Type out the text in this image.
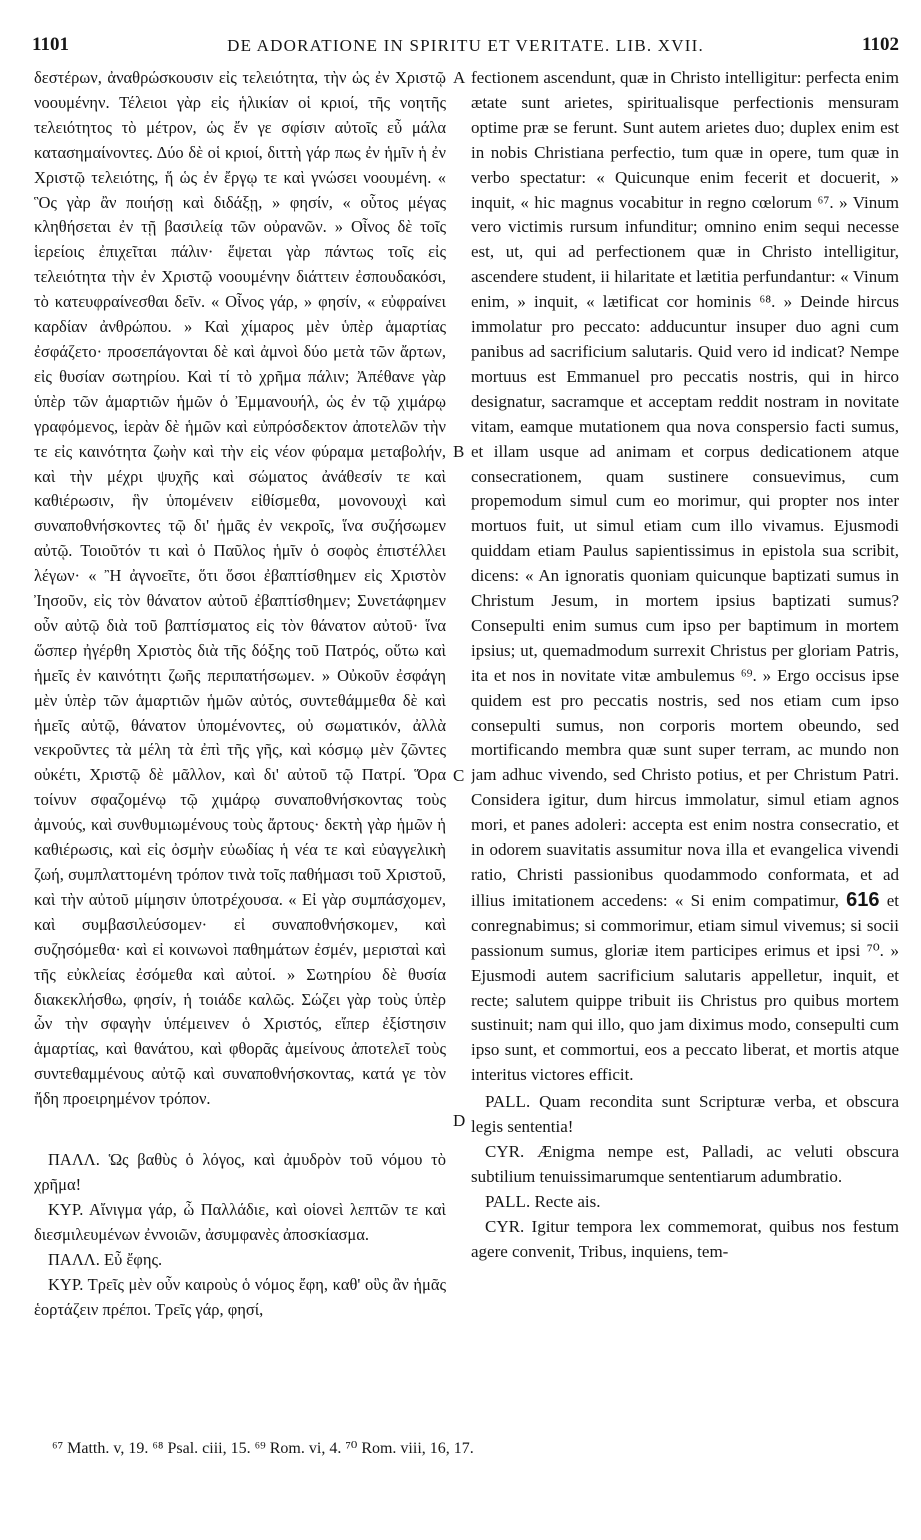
1101	DE ADORATIONE IN SPIRITU ET VERITATE. LIB. XVII.	1102

δεστέρων, ἀναθρώσκουσιν εἰς τελειότητα, τὴν ὡς ἐν Χριστῷ νοουμένην. Τέλειοι γὰρ εἰς ἡλικίαν οἱ κριοί, τῆς νοητῆς τελειότητος τὸ μέτρον, ὡς ἔν γε σφίσιν αὐτοῖς εὖ μάλα κατασημαίνοντες. Δύο δὲ οἱ κριοί, διττὴ γάρ πως ἐν ἡμῖν ἡ ἐν Χριστῷ τελειότης, ἥ ὡς ἐν ἔργῳ τε καὶ γνώσει νοουμένη. « Ὃς γὰρ ἂν ποιήσῃ καὶ διδάξῃ, » φησίν, « οὗτος μέγας κληθήσεται ἐν τῇ βασιλείᾳ τῶν οὐρανῶν. » Οἶνος δὲ τοῖς ἱερείοις ἐπιχεῖται πάλιν· ἕψεται γὰρ πάντως τοῖς εἰς τελειότητα τὴν ἐν Χριστῷ νοουμένην διάττειν ἐσπουδακόσι, τὸ κατευφραίνεσθαι δεῖν. « Οἶνος γάρ, » φησίν, « εὐφραίνει καρδίαν ἀνθρώπου. » Καὶ χίμαρος μὲν ὑπὲρ ἁμαρτίας ἐσφάζετο· προσεπάγονται δὲ καὶ ἀμνοὶ δύο μετὰ τῶν ἄρτων, εἰς θυσίαν σωτηρίου. Καὶ τί τὸ χρῆμα πάλιν; Ἀπέθανε γὰρ ὑπὲρ τῶν ἁμαρτιῶν ἡμῶν ὁ Ἐμμανουήλ, ὡς ἐν τῷ χιμάρῳ γραφόμενος, ἱερὰν δὲ ἡμῶν καὶ εὐπρόσδεκτον ἀποτελῶν τὴν τε εἰς καινότητα ζωὴν καὶ τὴν εἰς νέον φύραμα μεταβολήν, καὶ τὴν μέχρι ψυχῆς καὶ σώματος ἀνάθεσίν τε καὶ καθιέρωσιν, ἣν ὑπομένειν εἰθίσμεθα, μονονουχὶ καὶ συναποθνήσκοντες τῷ δι' ἡμᾶς ἐν νεκροῖς, ἵνα συζήσωμεν αὐτῷ. Τοιοῦτόν τι καὶ ὁ Παῦλος ἡμῖν ὁ σοφὸς ἐπιστέλλει λέγων· « Ἢ ἀγνοεῖτε, ὅτι ὅσοι ἐβαπτίσθημεν εἰς Χριστὸν Ἰησοῦν, εἰς τὸν θάνατον αὐτοῦ ἐβαπτίσθημεν; Συνετάφημεν οὖν αὐτῷ διὰ τοῦ βαπτίσματος εἰς τὸν θάνατον αὐτοῦ· ἵνα ὥσπερ ἠγέρθη Χριστὸς διὰ τῆς δόξης τοῦ Πατρός, οὕτω καὶ ἡμεῖς ἐν καινότητι ζωῆς περιπατήσωμεν. » Οὐκοῦν ἐσφάγη μὲν ὑπὲρ τῶν ἁμαρτιῶν ἡμῶν αὐτός, συντεθάμμεθα δὲ καὶ ἡμεῖς αὐτῷ, θάνατον ὑπομένοντες, οὐ σωματικόν, ἀλλὰ νεκροῦντες τὰ μέλη τὰ ἐπὶ τῆς γῆς, καὶ κόσμῳ μὲν ζῶντες οὐκέτι, Χριστῷ δὲ μᾶλλον, καὶ δι' αὐτοῦ τῷ Πατρί. Ὅρα τοίνυν σφαζομένῳ τῷ χιμάρῳ συναποθνήσκοντας τοὺς ἀμνούς, καὶ συνθυμιωμένους τοὺς ἄρτους· δεκτὴ γὰρ ἡμῶν ἡ καθιέρωσις, καὶ εἰς ὀσμὴν εὐωδίας ἡ νέα τε καὶ εὐαγγελικὴ ζωή, συμπλαττομένη τρόπον τινὰ τοῖς παθήμασι τοῦ Χριστοῦ, καὶ τὴν αὐτοῦ μίμησιν ὑποτρέχουσα. « Εἰ γὰρ συμπάσχομεν, καὶ συμβασιλεύσομεν· εἰ συναποθνήσκομεν, καὶ συζησόμεθα· καὶ εἰ κοινωνοὶ παθημάτων ἐσμέν, μερισταὶ καὶ τῆς εὐκλείας ἐσόμεθα καὶ αὐτοί. » Σωτηρίου δὲ θυσία διακεκλήσθω, φησίν, ἡ τοιάδε καλῶς. Σώζει γὰρ τοὺς ὑπὲρ ὧν τὴν σφαγὴν ὑπέμεινεν ὁ Χριστός, εἴπερ ἐξίστησιν ἁμαρτίας, καὶ θανάτου, καὶ φθορᾶς ἀμείνους ἀποτελεῖ τοὺς συντεθαμμένους αὐτῷ καὶ συναποθνήσκοντας, κατά γε τὸν ἤδη προειρημένον τρόπον.

ΠΑΛΛ. Ὡς βαθὺς ὁ λόγος, καὶ ἀμυδρὸν τοῦ νόμου τὸ χρῆμα!

ΚΥΡ. Αἴνιγμα γάρ, ὦ Παλλάδιε, καὶ οἱονεὶ λεπτῶν τε καὶ διεσμιλευμένων ἐννοιῶν, ἀσυμφανὲς ἀποσκίασμα.

ΠΑΛΛ. Εὖ ἔφης.

ΚΥΡ. Τρεῖς μὲν οὖν καιροὺς ὁ νόμος ἔφη, καθ' οὓς ἂν ἡμᾶς ἑορτάζειν πρέποι. Τρεῖς γάρ, φησί,

A
B
C
D

fectionem ascendunt, quæ in Christo intelligitur: perfecta enim ætate sunt arietes, spiritualisque perfectionis mensuram optime præ se ferunt. Sunt autem arietes duo; duplex enim est in nobis Christiana perfectio, tum quæ in opere, tum quæ in verbo spectatur: « Quicunque enim fecerit et docuerit, » inquit, « hic magnus vocabitur in regno cœlorum ⁶⁷. » Vinum vero victimis rursum infunditur; omnino enim sequi necesse est, ut, qui ad perfectionem quæ in Christo intelligitur, ascendere student, ii hilaritate et lætitia perfundantur: « Vinum enim, » inquit, « lætificat cor hominis ⁶⁸. » Deinde hircus immolatur pro peccato: adducuntur insuper duo agni cum panibus ad sacrificium salutaris. Quid vero id indicat? Nempe mortuus est Emmanuel pro peccatis nostris, qui in hirco designatur, sacramque et acceptam reddit nostram in novitate vitam, eamque mutationem qua nova conspersio facti sumus, et illam usque ad animam et corpus dedicationem atque consecrationem, quam sustinere consuevimus, cum propemodum simul cum eo morimur, qui propter nos inter mortuos fuit, ut simul etiam cum illo vivamus. Ejusmodi quiddam etiam Paulus sapientissimus in epistola sua scribit, dicens: « An ignoratis quoniam quicunque baptizati sumus in Christum Jesum, in mortem ipsius baptizati sumus? Consepulti enim sumus cum ipso per baptimum in mortem ipsius; ut, quemadmodum surrexit Christus per gloriam Patris, ita et nos in novitate vitæ ambulemus ⁶⁹. » Ergo occisus ipse quidem est pro peccatis nostris, sed nos etiam cum ipso consepulti sumus, non corporis mortem obeundo, sed mortificando membra quæ sunt super terram, ac mundo non jam adhuc vivendo, sed Christo potius, et per Christum Patri. Considera igitur, dum hircus immolatur, simul etiam agnos mori, et panes adoleri: accepta est enim nostra consecratio, et in odorem suavitatis assumitur nova illa et evangelica vivendi ratio, Christi passionibus quodammodo conformata, et ad illius imitationem accedens: « Si enim compatimur, 616 et conregnabimus; si commorimur, etiam simul vivemus; si socii passionum sumus, gloriæ item participes erimus et ipsi ⁷⁰. » Ejusmodi autem sacrificium salutaris appelletur, inquit, et recte; salutem quippe tribuit iis Christus pro quibus mortem sustinuit; nam qui illo, quo jam diximus modo, consepulti cum ipso sunt, et commortui, eos a peccato liberat, et mortis atque interitus victores efficit.

PALL. Quam recondita sunt Scripturæ verba, et obscura legis sententia!

CYR. Ænigma nempe est, Palladi, ac veluti obscura subtilium tenuissimarumque sententiarum adumbratio.

PALL. Recte ais.

CYR. Igitur tempora lex commemorat, quibus nos festum agere convenit, Tribus, inquiens, tem-

⁶⁷ Matth. v, 19. ⁶⁸ Psal. ciii, 15. ⁶⁹ Rom. vi, 4. ⁷⁰ Rom. viii, 16, 17.
